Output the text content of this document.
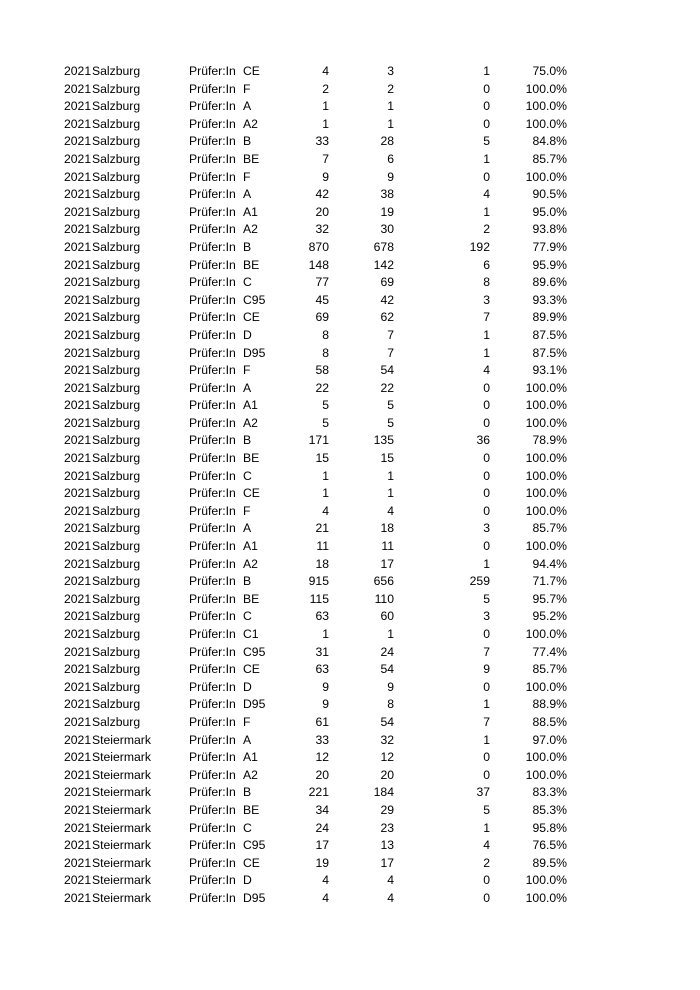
2021 Salzburg	Prüfer:In CE	4	3	1	75.0%
2021 Salzburg	Prüfer:In F	2	2	0	100.0%
2021 Salzburg	Prüfer:In A	1	1	0	100.0%
2021 Salzburg	Prüfer:In A2	1	1	0	100.0%
2021 Salzburg	Prüfer:In B	33	28	5	84.8%
2021 Salzburg	Prüfer:In BE	7	6	1	85.7%
2021 Salzburg	Prüfer:In F	9	9	0	100.0%
2021 Salzburg	Prüfer:In A	42	38	4	90.5%
2021 Salzburg	Prüfer:In A1	20	19	1	95.0%
2021 Salzburg	Prüfer:In A2	32	30	2	93.8%
2021 Salzburg	Prüfer:In B	870	678	192	77.9%
2021 Salzburg	Prüfer:In BE	148	142	6	95.9%
2021 Salzburg	Prüfer:In C	77	69	8	89.6%
2021 Salzburg	Prüfer:In C95	45	42	3	93.3%
2021 Salzburg	Prüfer:In CE	69	62	7	89.9%
2021 Salzburg	Prüfer:In D	8	7	1	87.5%
2021 Salzburg	Prüfer:In D95	8	7	1	87.5%
2021 Salzburg	Prüfer:In F	58	54	4	93.1%
2021 Salzburg	Prüfer:In A	22	22	0	100.0%
2021 Salzburg	Prüfer:In A1	5	5	0	100.0%
2021 Salzburg	Prüfer:In A2	5	5	0	100.0%
2021 Salzburg	Prüfer:In B	171	135	36	78.9%
2021 Salzburg	Prüfer:In BE	15	15	0	100.0%
2021 Salzburg	Prüfer:In C	1	1	0	100.0%
2021 Salzburg	Prüfer:In CE	1	1	0	100.0%
2021 Salzburg	Prüfer:In F	4	4	0	100.0%
2021 Salzburg	Prüfer:In A	21	18	3	85.7%
2021 Salzburg	Prüfer:In A1	11	11	0	100.0%
2021 Salzburg	Prüfer:In A2	18	17	1	94.4%
2021 Salzburg	Prüfer:In B	915	656	259	71.7%
2021 Salzburg	Prüfer:In BE	115	110	5	95.7%
2021 Salzburg	Prüfer:In C	63	60	3	95.2%
2021 Salzburg	Prüfer:In C1	1	1	0	100.0%
2021 Salzburg	Prüfer:In C95	31	24	7	77.4%
2021 Salzburg	Prüfer:In CE	63	54	9	85.7%
2021 Salzburg	Prüfer:In D	9	9	0	100.0%
2021 Salzburg	Prüfer:In D95	9	8	1	88.9%
2021 Salzburg	Prüfer:In F	61	54	7	88.5%
2021 Steiermark	Prüfer:In A	33	32	1	97.0%
2021 Steiermark	Prüfer:In A1	12	12	0	100.0%
2021 Steiermark	Prüfer:In A2	20	20	0	100.0%
2021 Steiermark	Prüfer:In B	221	184	37	83.3%
2021 Steiermark	Prüfer:In BE	34	29	5	85.3%
2021 Steiermark	Prüfer:In C	24	23	1	95.8%
2021 Steiermark	Prüfer:In C95	17	13	4	76.5%
2021 Steiermark	Prüfer:In CE	19	17	2	89.5%
2021 Steiermark	Prüfer:In D	4	4	0	100.0%
2021 Steiermark	Prüfer:In D95	4	4	0	100.0%
